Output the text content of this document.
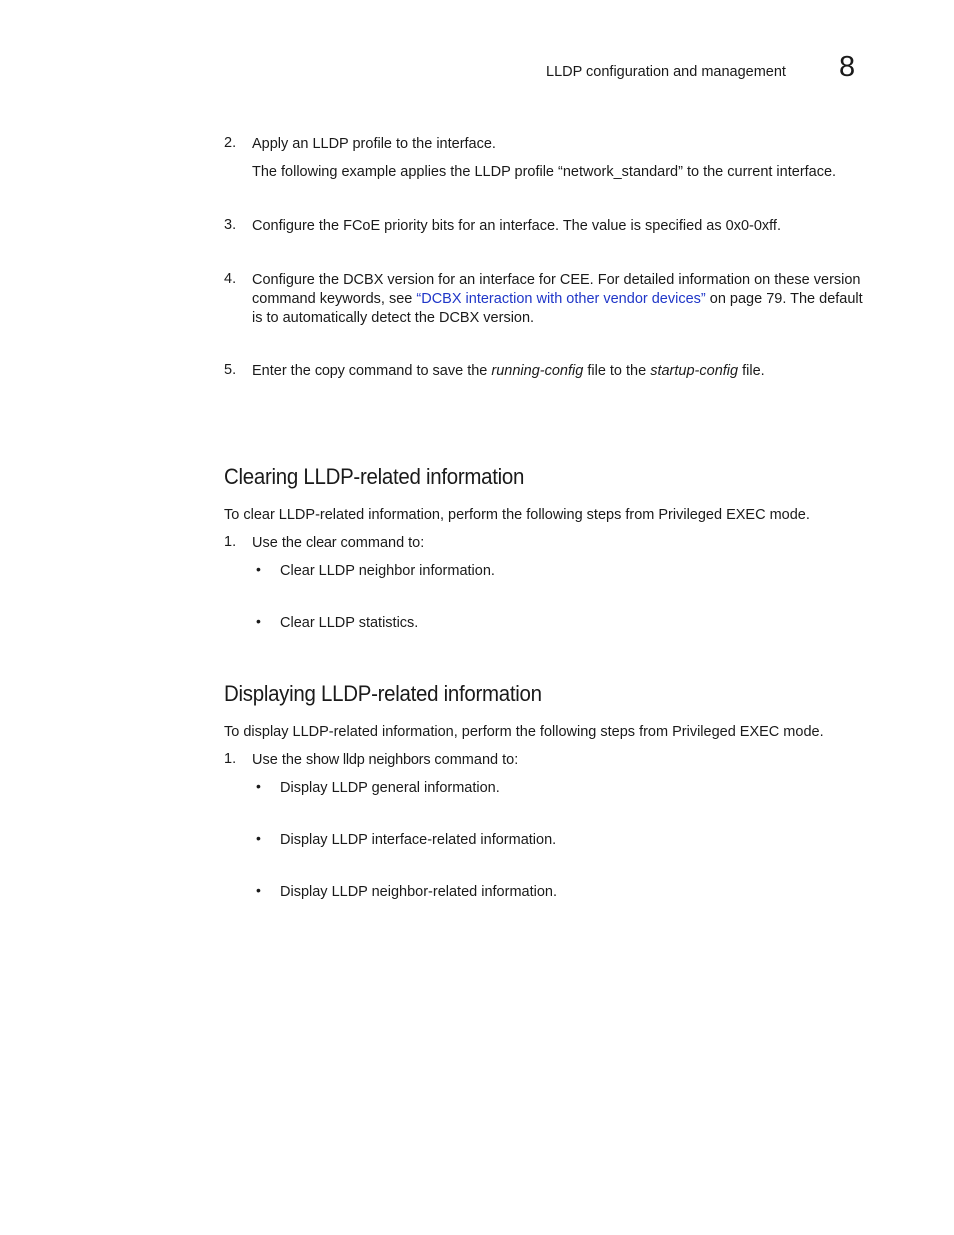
LLDP configuration and management 8
2. Apply an LLDP profile to the interface.
The following example applies the LLDP profile “network_standard” to the current interface.
3. Configure the FCoE priority bits for an interface. The value is specified as 0x0-0xff.
4. Configure the DCBX version for an interface for CEE. For detailed information on these version command keywords, see “DCBX interaction with other vendor devices” on page 79. The default is to automatically detect the DCBX version.
5. Enter the copy command to save the running-config file to the startup-config file.
Clearing LLDP-related information
To clear LLDP-related information, perform the following steps from Privileged EXEC mode.
1. Use the clear command to:
• Clear LLDP neighbor information.
• Clear LLDP statistics.
Displaying LLDP-related information
To display LLDP-related information, perform the following steps from Privileged EXEC mode.
1. Use the show lldp neighbors command to:
• Display LLDP general information.
• Display LLDP interface-related information.
• Display LLDP neighbor-related information.
